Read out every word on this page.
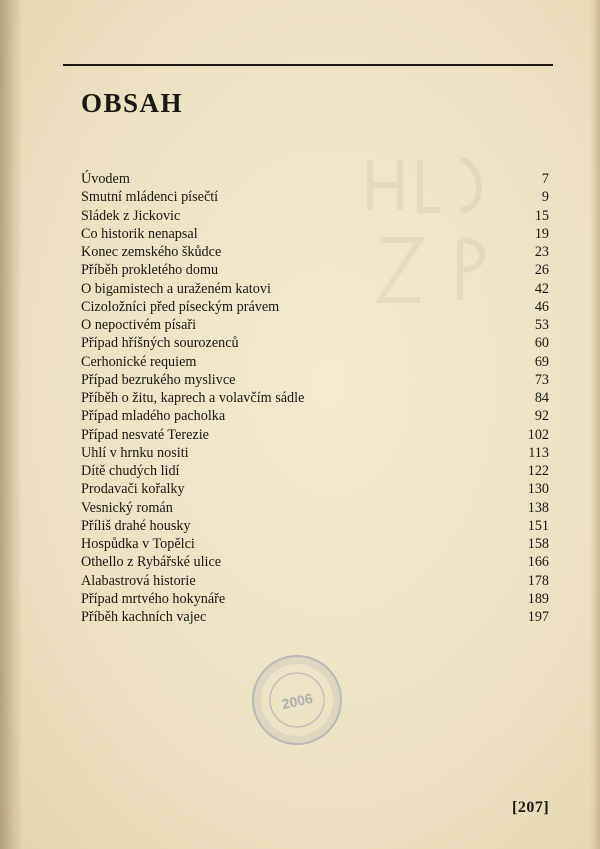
OBSAH
2006
Úvodem	7
Smutní mládenci písečtí	9
Sládek z Jickovic	15
Co historik nenapsal	19
Konec zemského škůdce	23
Příběh prokletého domu	26
O bigamistech a uraženém katovi	42
Cizoložníci před píseckým právem	46
O nepoctivém písaři	53
Případ hříšných sourozenců	60
Cerhonické requiem	69
Případ bezrukého myslivce	73
Příběh o žitu, kaprech a volavčím sádle	84
Případ mladého pacholka	92
Případ nesvaté Terezie	102
Uhlí v hrnku nositi	113
Dítě chudých lidí	122
Prodavači kořalky	130
Vesnický román	138
Příliš drahé housky	151
Hospůdka v Topělci	158
Othello z Rybářské ulice	166
Alabastrová historie	178
Případ mrtvého hokynáře	189
Příběh kachních vajec	197
[207]
